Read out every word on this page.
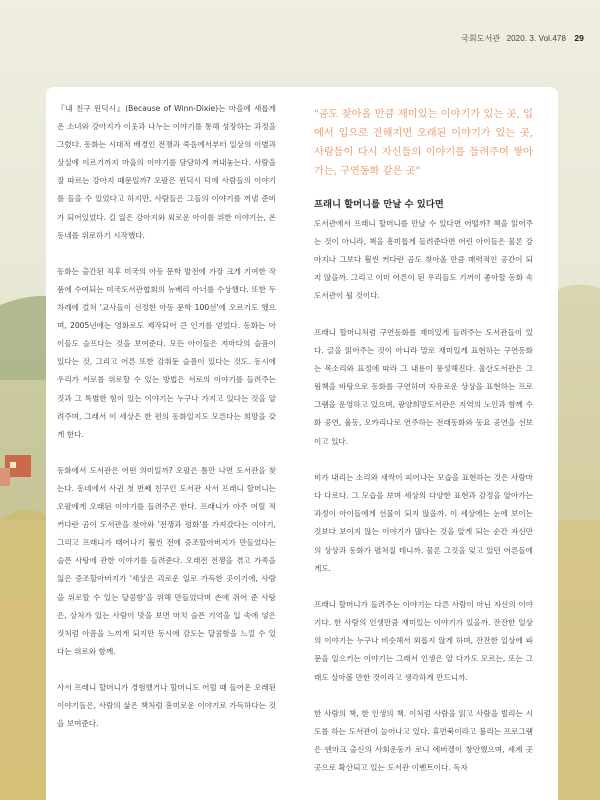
국회도서관 2020. 3. Vol.478 29

『내 친구 윈딕시』(Because of Winn-Dixie)는 마을에 새롭게 온 소녀와 강아지가 이웃과 나누는 이야기를 통해 성장하는 과정을 그렸다. 동화는 시대적 배경인 전쟁과 죽음에서부터 일상의 이별과 상실에 이르기까지 마을의 이야기를 담담하게 꺼내놓는다. 사람을 잘 따르는 강아지 때문일까? 오팔은 윈딕시 덕에 사람들의 이야기를 들을 수 있었다고 하지만, 사람들은 그들의 이야기를 꺼낼 준비가 되어있었다. 길 잃은 강아지와 외로운 아이를 위한 이야기는, 온 동네를 위로하기 시작했다.

동화는 출간된 직후 미국의 아동 문학 발전에 가장 크게 기여한 작품에 수여되는 미국도서관협회의 뉴베리 아너를 수상했다. 또한 두 차례에 걸쳐 '교사들이 선정한 아동 문학 100선'에 오르기도 했으며, 2005년에는 영화로도 제작되어 큰 인기를 얻었다. 동화는 아이들도 슬프다는 것을 보여준다. 모든 아이들은 저마다의 슬픔이 있다는 것, 그리고 어른 또한 감춰둔 슬픔이 있다는 것도. 동시에 우리가 서로를 위로할 수 있는 방법은 서로의 이야기를 들려주는 것과 그 특별한 힘이 있는 이야기는 누구나 가지고 있다는 것을 알려주며, 그래서 이 세상은 한 편의 동화일지도 모른다는 희망을 갖게 한다.

동화에서 도서관은 어떤 의미일까? 오팔은 틈만 나면 도서관을 찾는다. 동네에서 사귄 첫 번째 친구인 도서관 사서 프래니 할머니는 오팔에게 오래된 이야기를 들려주곤 한다. 프래니가 아주 어릴 적 커다란 곰이 도서관을 찾아와 '전쟁과 평화'를 가져갔다는 이야기, 그리고 프래니가 태어나기 훨씬 전에 증조할아버지가 만들었다는 슬픈 사탕에 관한 이야기를 들려준다. 오래전 전쟁을 겪고 가족을 잃은 증조할아버지가 '세상은 괴로운 일로 가득한 곳이기에, 사람을 위로할 수 있는 달콤함'을 위해 만들었다며 손에 쥐어 준 사탕은, 상처가 있는 사람이 맛을 보면 마치 슬픈 기억을 입 속에 넣은 것처럼 아픔을 느끼게 되지만 동시에 감도는 달콤함을 느낄 수 있다는 위로와 함께.

사서 프래니 할머니가 경험했거나 할머니도 어릴 때 들어온 오래된 이야기들은, 사람의 삶은 책처럼 흥미로운 이야기로 가득하다는 것을 보여준다.

"곰도 찾아올 만큼 재미있는 이야기가 있는 곳, 입에서 입으로 전해지면 오래된 이야기가 있는 곳, 사람들이 다시 자신들의 이야기를 들려주며 쌓아가는, 구연동화 같은 곳"
프래니 할머니를 만날 수 있다면

도서관에서 프래니 할머니를 만날 수 있다면 어떨까? 책을 읽어주는 것이 아니라, 책을 흥미롭게 들려준다면 어린 아이들은 물론 강아지나 그보다 훨씬 커다란 곰도 찾아올 만큼 매력적인 공간이 되지 않을까. 그리고 이미 어른이 된 우리들도 기꺼이 좋아할 동화 속 도서관이 될 것이다.

프래니 할머니처럼 구연동화를 재미있게 들려주는 도서관들이 있다. 글을 읽어주는 것이 아니라 말로 재미있게 표현하는 구연동화는 목소리와 표정에 따라 그 내용이 풍성해진다. 울산도서관은 그림책을 바탕으로 동화를 구연하며 자유로운 상상을 표현하는 프로그램을 운영하고 있으며, 광양희망도서관은 지역의 노인과 함께 수화 공연, 율동, 오카리나로 연주하는 전래동화와 동요 공연을 선보이고 있다.

비가 내리는 소리와 새싹이 피어나는 모습을 표현하는 것은 사람마다 다르다. 그 모습을 보며 세상의 다양한 표현과 감정을 알아가는 과정이 아이들에게 선물이 되지 않을까. 이 세상에는 눈에 보이는 것보다 보이지 않는 이야기가 많다는 것을 알게 되는 순간 자신만의 상상과 동화가 펼쳐질 테니까. 물론 그것을 잊고 있던 어른들에게도.

프래니 할머니가 들려주는 이야기는 다른 사람이 아닌 자신의 이야기다. 한 사람의 인생만큼 재미있는 이야기가 있을까. 잔잔한 일상의 이야기는 누구나 비슷해서 외롭지 않게 하며, 잔잔한 일상에 파문을 일으키는 이야기는 그래서 인생은 알 다가도 모르는, 또는 그래도 살아볼 만한 것이라고 생각하게 만드니까.

한 사람의 책, 한 인생의 책. 이처럼 사람을 읽고 사람을 빌리는 시도를 하는 도서관이 늘어나고 있다. 휴먼북이라고 불리는 프로그램은 덴마크 출신의 사회운동가 로니 에버겔이 창안했으며, 세계 곳곳으로 확산되고 있는 도서관 이벤트이다. 독자
